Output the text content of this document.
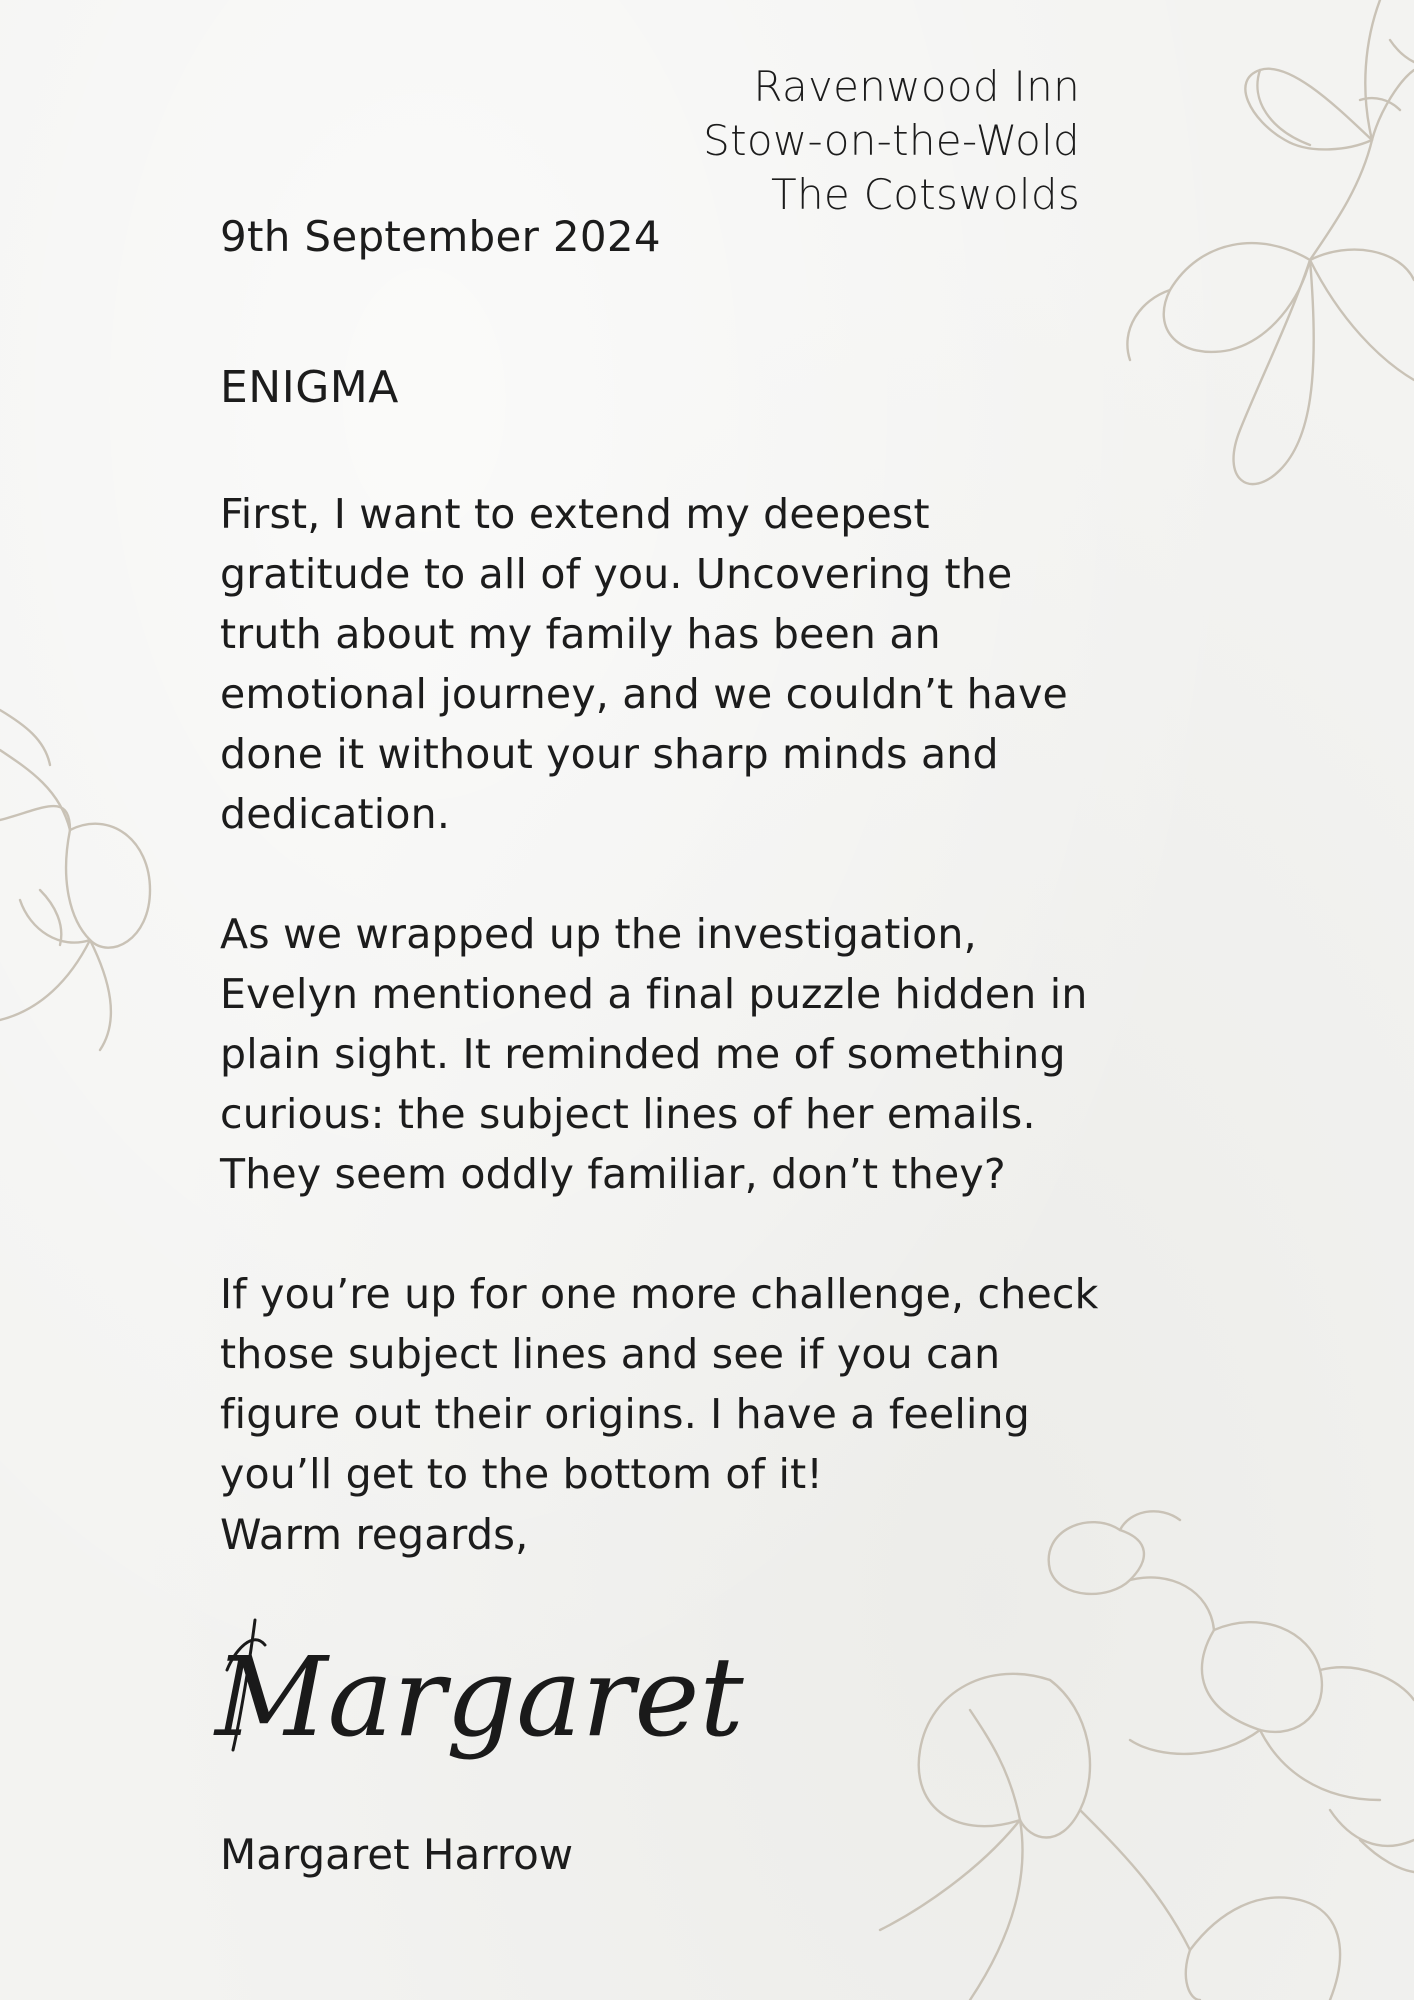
Ravenwood Inn
Stow-on-the-Wold
The Cotswolds
9th September 2024
ENIGMA

First, I want to extend my deepest gratitude to all of you. Uncovering the truth about my family has been an emotional journey, and we couldn’t have done it without your sharp minds and dedication.

As we wrapped up the investigation, Evelyn mentioned a final puzzle hidden in plain sight. It reminded me of something curious: the subject lines of her emails. They seem oddly familiar, don’t they?

If you’re up for one more challenge, check those subject lines and see if you can figure out their origins. I have a feeling you’ll get to the bottom of it!

Warm regards,
Margaret
Margaret Harrow
